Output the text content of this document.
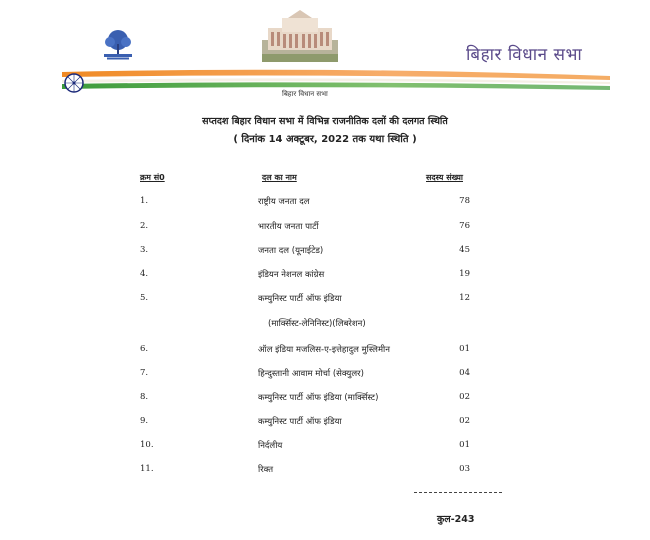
बिहार विधान सभा
बिहार विधान सभा
सप्तदश बिहार विधान सभा में विभिन्न राजनीतिक दलों की दलगत स्थिति
( दिनांक 14 अक्टूबर, 2022 तक यथा स्थिति )
क्रम सं0	दल का नाम	सदस्य संख्या
1.	राष्ट्रीय जनता दल	78
2.	भारतीय जनता पार्टी	76
3.	जनता दल (यूनाईटेड)	45
4.	इंडियन नेशनल कांग्रेस	19
5.	कम्युनिस्ट पार्टी ऑफ इंडिया	12
(मार्क्सिस्ट-लेनिनिस्ट)(लिबरेशन)
6.	ऑल इंडिया मजलिस-ए-इत्तेहादुल मुस्लिमीन	01
7.	हिन्दुस्तानी आवाम मोर्चा (सेक्युलर)	04
8.	कम्युनिस्ट पार्टी ऑफ इंडिया (मार्क्सिस्ट)	02
9.	कम्युनिस्ट पार्टी ऑफ इंडिया	02
10.	निर्दलीय	01
11.	रिक्त	03
कुल-243
